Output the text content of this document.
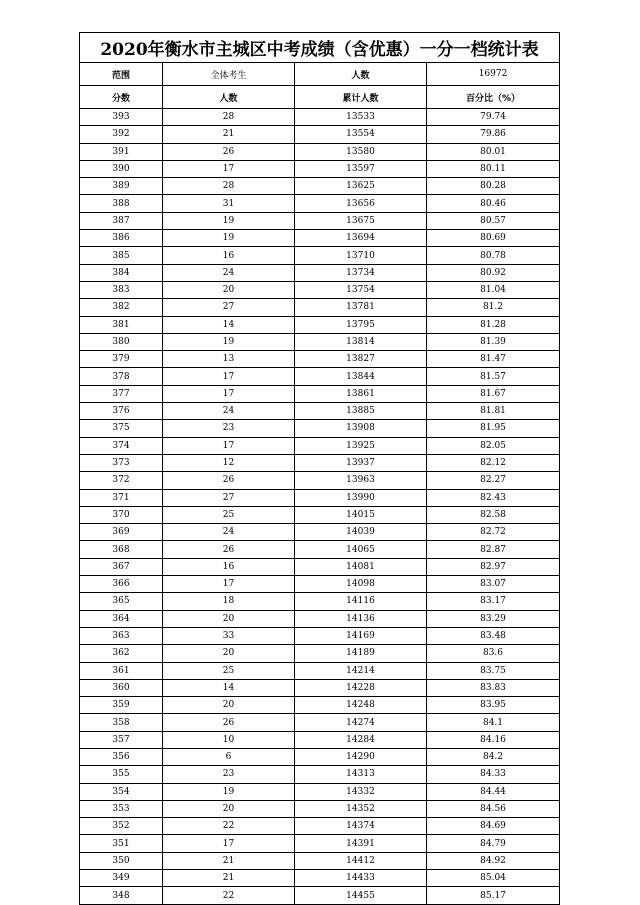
2020年衡水市主城区中考成绩（含优惠）一分一档统计表			
范围	全体考生	人数	16972
分数	人数	累计人数	百分比（%）
393	28	13533	79.74
392	21	13554	79.86
391	26	13580	80.01
390	17	13597	80.11
389	28	13625	80.28
388	31	13656	80.46
387	19	13675	80.57
386	19	13694	80.69
385	16	13710	80.78
384	24	13734	80.92
383	20	13754	81.04
382	27	13781	81.2
381	14	13795	81.28
380	19	13814	81.39
379	13	13827	81.47
378	17	13844	81.57
377	17	13861	81.67
376	24	13885	81.81
375	23	13908	81.95
374	17	13925	82.05
373	12	13937	82.12
372	26	13963	82.27
371	27	13990	82.43
370	25	14015	82.58
369	24	14039	82.72
368	26	14065	82.87
367	16	14081	82.97
366	17	14098	83.07
365	18	14116	83.17
364	20	14136	83.29
363	33	14169	83.48
362	20	14189	83.6
361	25	14214	83.75
360	14	14228	83.83
359	20	14248	83.95
358	26	14274	84.1
357	10	14284	84.16
356	6	14290	84.2
355	23	14313	84.33
354	19	14332	84.44
353	20	14352	84.56
352	22	14374	84.69
351	17	14391	84.79
350	21	14412	84.92
349	21	14433	85.04
348	22	14455	85.17
